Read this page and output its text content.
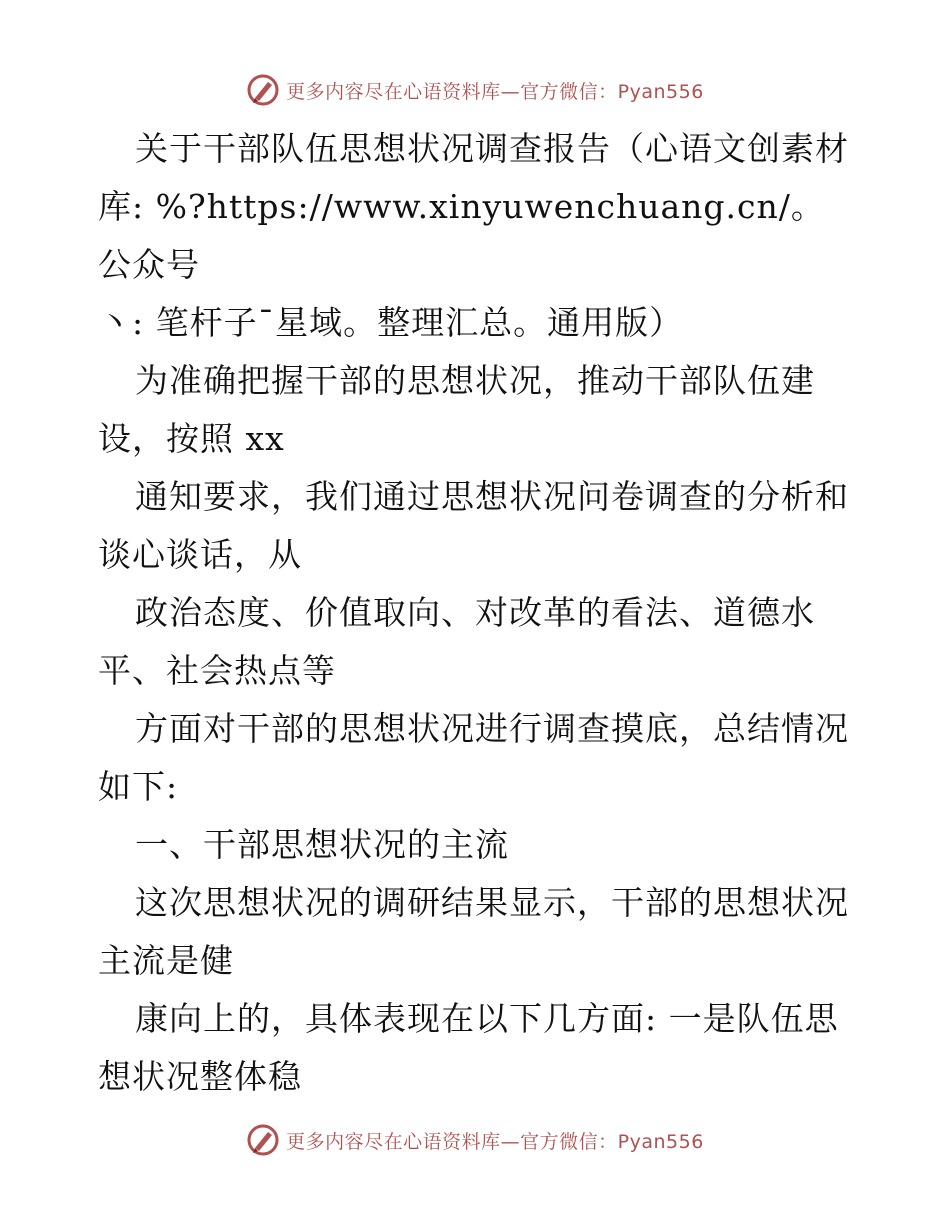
更多内容尽在心语资料库—官方微信：Pyan556

关于干部队伍思想状况调查报告（心语文创素材
库: %?https://www.xinyuwenchuang.cn/。公众号
丶: 笔杆子¯星域。整理汇总。通用版）
为准确把握干部的思想状况，推动干部队伍建
设，按照 xx
通知要求，我们通过思想状况问卷调查的分析和
谈心谈话，从
政治态度、价值取向、对改革的看法、道德水
平、社会热点等
方面对干部的思想状况进行调查摸底，总结情况
如下:
一、干部思想状况的主流
这次思想状况的调研结果显示，干部的思想状况
主流是健
康向上的，具体表现在以下几方面: 一是队伍思
想状况整体稳

更多内容尽在心语资料库—官方微信：Pyan556
